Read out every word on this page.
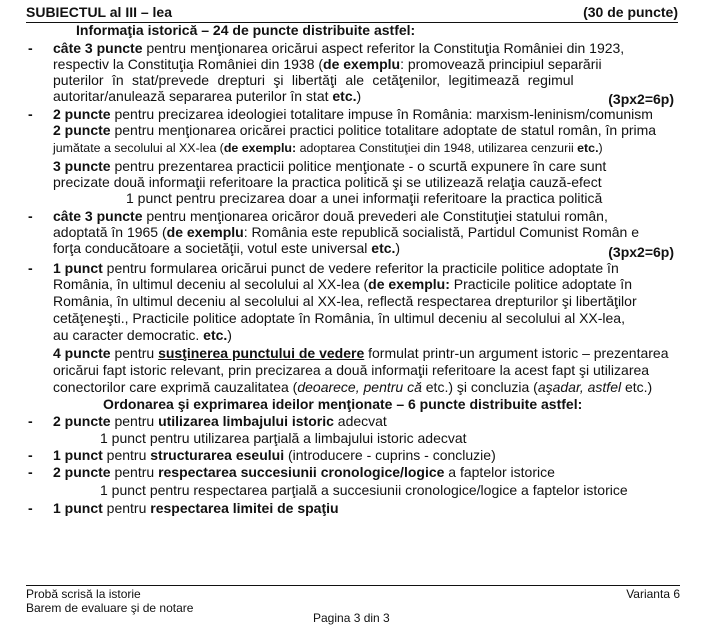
SUBIECTUL al III – lea	(30 de puncte)
Informaţia istorică – 24 de puncte distribuite astfel:
- câte 3 puncte pentru menţionarea oricărui aspect referitor la Constituţia României din 1923,
respectiv la Constituţia României din 1938 (de exemplu: promovează principiul separării
puterilor în stat/prevede drepturi şi libertăţi ale cetăţenilor, legitimează regimul
autoritar/anulează separarea puterilor în stat etc.)	(3px2=6p)
- 2 puncte pentru precizarea ideologiei totalitare impuse în România: marxism-leninism/comunism
2 puncte pentru menţionarea oricărei practici politice totalitare adoptate de statul român, în prima
jumătate a secolului al XX-lea (de exemplu: adoptarea Constituţiei din 1948, utilizarea cenzurii etc.)
3 puncte pentru prezentarea practicii politice menţionate - o scurtă expunere în care sunt
precizate două informaţii referitoare la practica politică şi se utilizează relaţia cauză-efect
1 punct pentru precizarea doar a unei informaţii referitoare la practica politică
- câte 3 puncte pentru menţionarea oricăror două prevederi ale Constituţiei statului român,
adoptată în 1965 (de exemplu: România este republică socialistă, Partidul Comunist Român e
forţa conducătoare a societăţii, votul este universal etc.)	(3px2=6p)
- 1 punct pentru formularea oricărui punct de vedere referitor la practicile politice adoptate în
România, în ultimul deceniu al secolului al XX-lea (de exemplu: Practicile politice adoptate în
România, în ultimul deceniu al secolului al XX-lea, reflectă respectarea drepturilor şi libertăţilor
cetăţeneşti., Practicile politice adoptate în România, în ultimul deceniu al secolului al XX-lea,
au caracter democratic. etc.)
4 puncte pentru susţinerea punctului de vedere formulat printr-un argument istoric – prezentarea
oricărui fapt istoric relevant, prin precizarea a două informaţii referitoare la acest fapt şi utilizarea
conectorilor care exprimă cauzalitatea (deoarece, pentru că etc.) şi concluzia (aşadar, astfel etc.)
Ordonarea şi exprimarea ideilor menţionate – 6 puncte distribuite astfel:
- 2 puncte pentru utilizarea limbajului istoric adecvat
1 punct pentru utilizarea parţială a limbajului istoric adecvat
- 1 punct pentru structurarea eseului (introducere - cuprins - concluzie)
- 2 puncte pentru respectarea succesiunii cronologice/logice a faptelor istorice
1 punct pentru respectarea parţială a succesiunii cronologice/logice a faptelor istorice
- 1 punct pentru respectarea limitei de spaţiu
Probă scrisă la istorie
Barem de evaluare şi de notare
Varianta 6
Pagina 3 din 3
